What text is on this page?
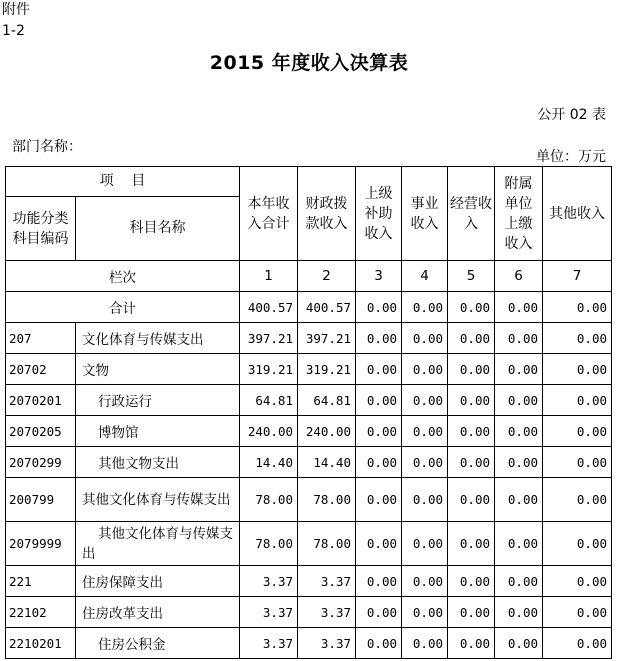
附件
1-2
2015 年度收入决算表
公开 02 表
部门名称：
单位：万元
项    目		本年收入合计	财政拨款收入	上级补助收入	事业收入	经营收入	附属单位上缴收入	其他收入
功能分类科目编码	科目名称							
栏次		1	2	3	4	5	6	7
合计		400.57	400.57	0.00	0.00	0.00	0.00	0.00
207	文化体育与传媒支出	397.21	397.21	0.00	0.00	0.00	0.00	0.00
20702	文物	319.21	319.21	0.00	0.00	0.00	0.00	0.00
2070201	行政运行	64.81	64.81	0.00	0.00	0.00	0.00	0.00
2070205	博物馆	240.00	240.00	0.00	0.00	0.00	0.00	0.00
2070299	其他文物支出	14.40	14.40	0.00	0.00	0.00	0.00	0.00
200799	其他文化体育与传媒支出	78.00	78.00	0.00	0.00	0.00	0.00	0.00
2079999	其他文化体育与传媒支出	78.00	78.00	0.00	0.00	0.00	0.00	0.00
221	住房保障支出	3.37	3.37	0.00	0.00	0.00	0.00	0.00
22102	住房改革支出	3.37	3.37	0.00	0.00	0.00	0.00	0.00
2210201	住房公积金	3.37	3.37	0.00	0.00	0.00	0.00	0.00
